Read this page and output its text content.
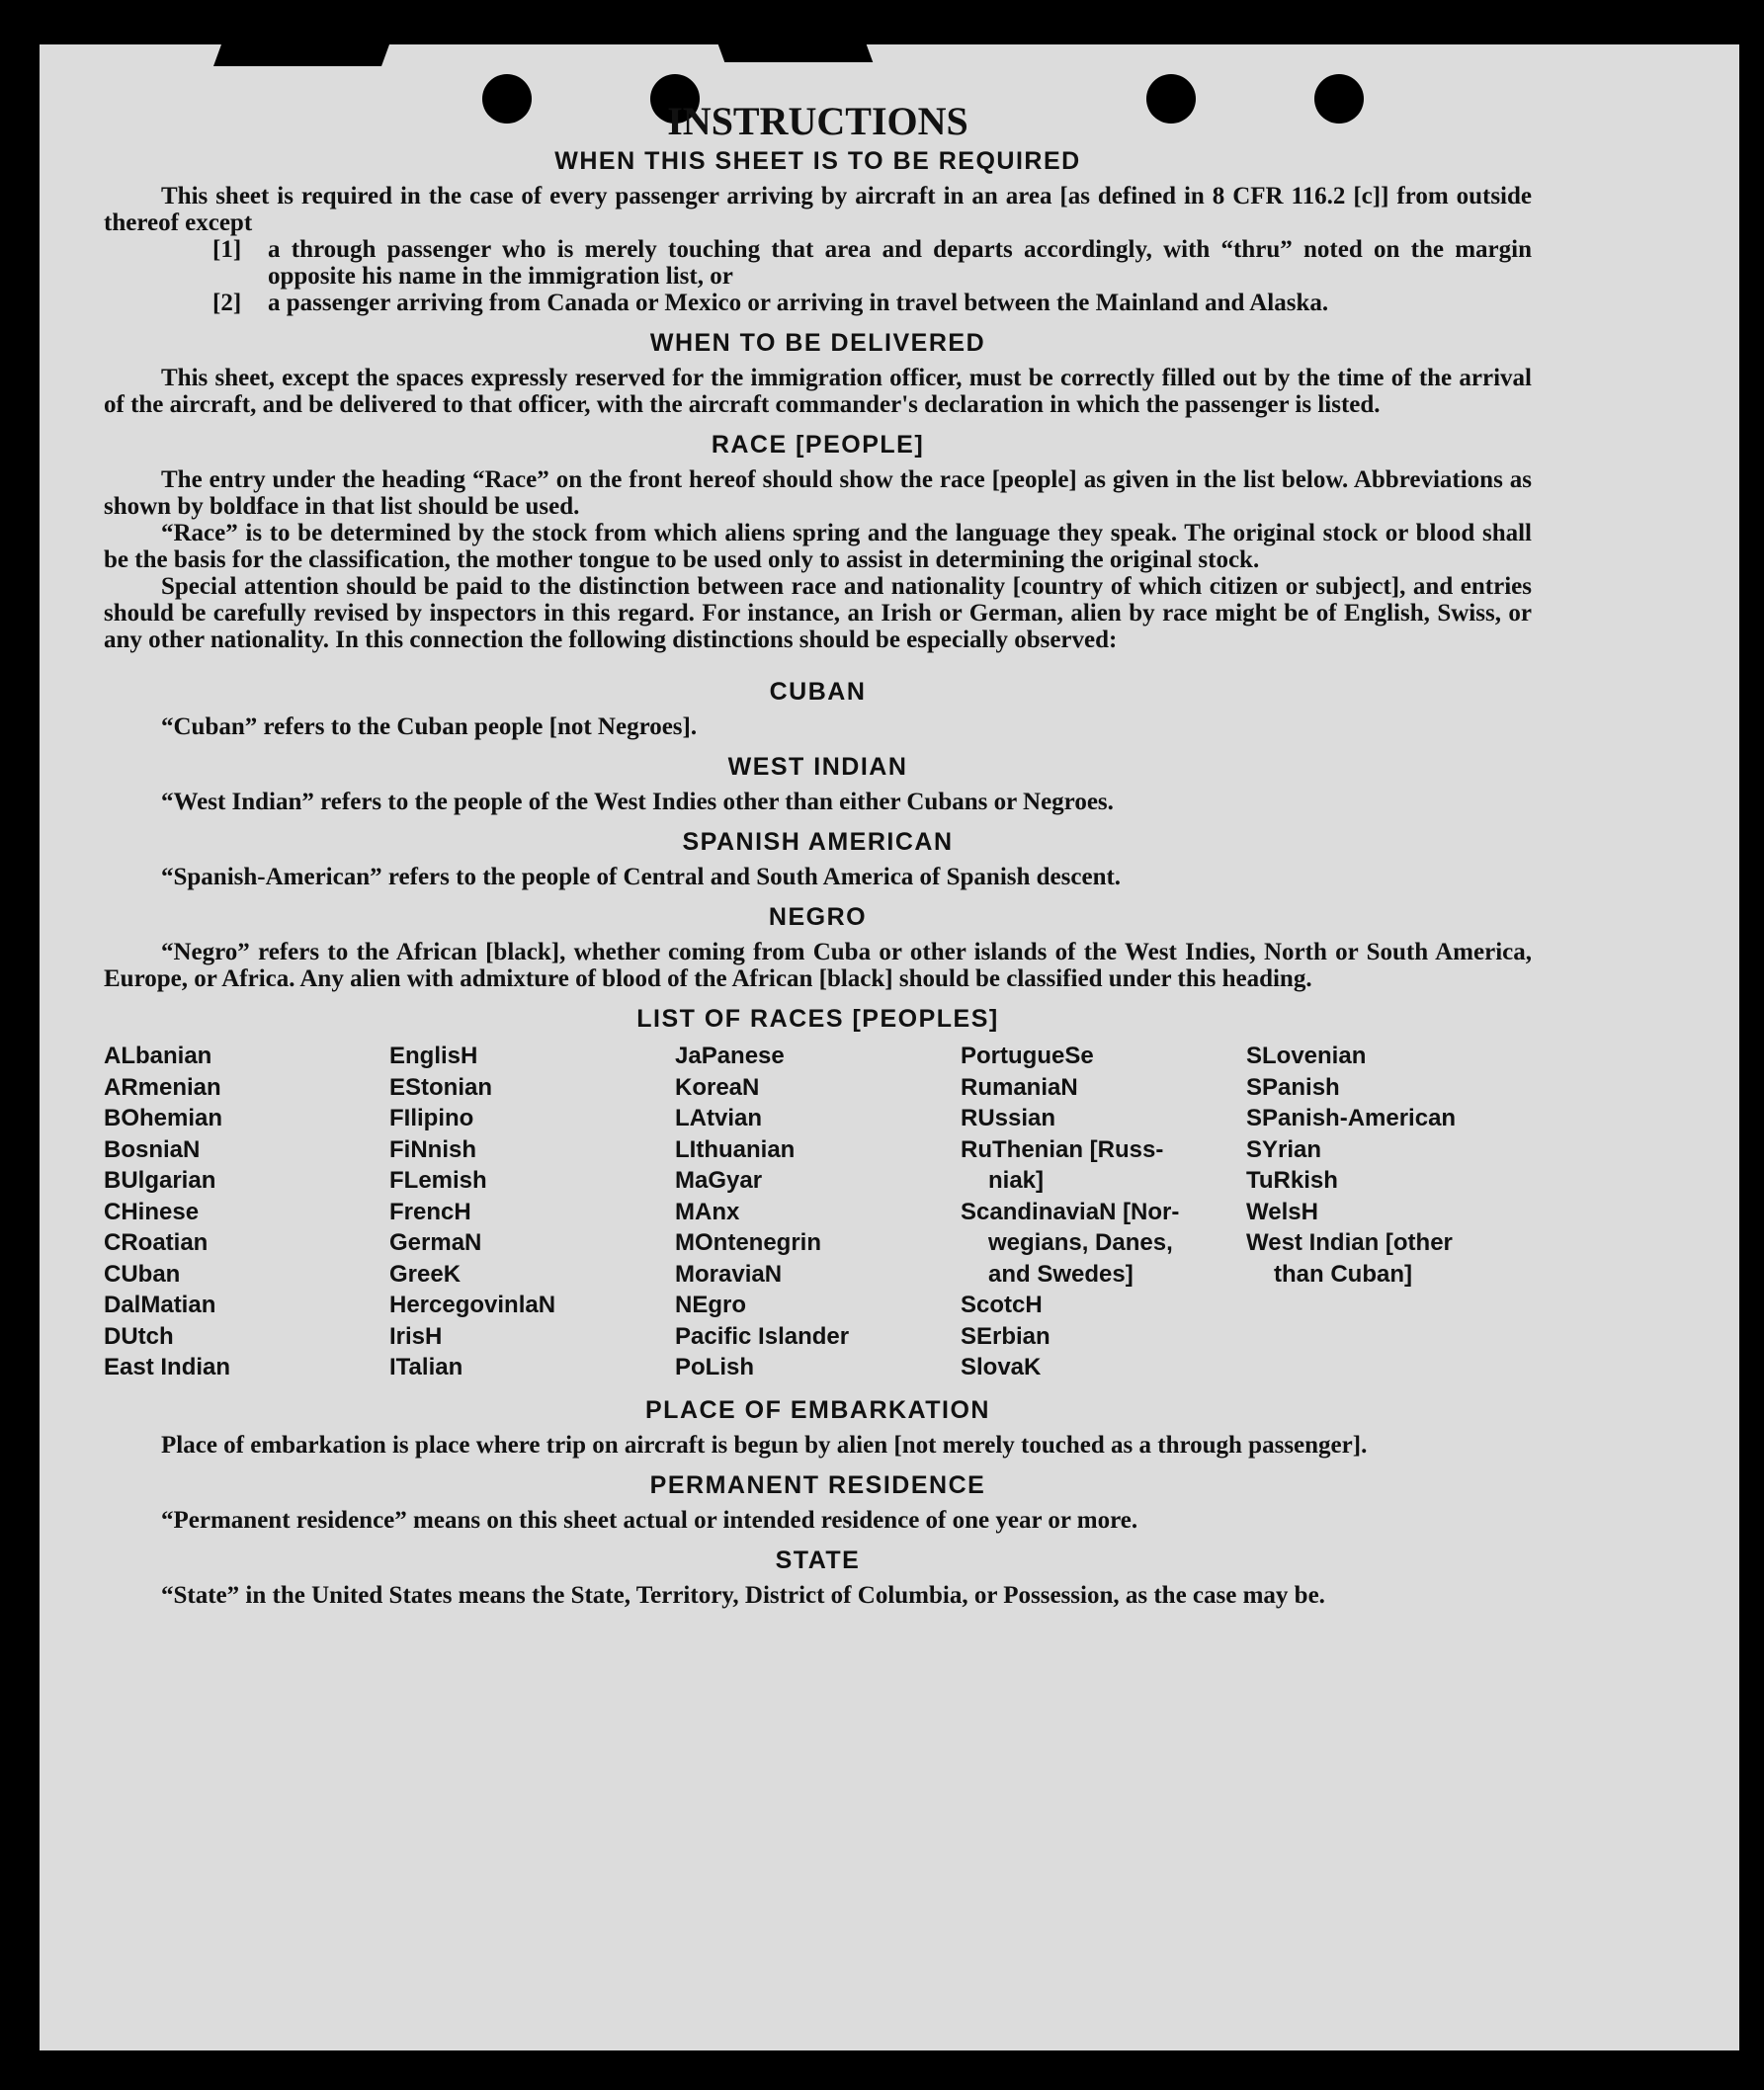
INSTRUCTIONS
WHEN THIS SHEET IS TO BE REQUIRED

This sheet is required in the case of every passenger arriving by aircraft in an area [as defined in 8 CFR 116.2 [c]] from outside thereof except

[1]	a through passenger who is merely touching that area and departs accordingly, with “thru” noted on the margin opposite his name in the immigration list, or
[2]	a passenger arriving from Canada or Mexico or arriving in travel between the Mainland and Alaska.
WHEN TO BE DELIVERED

This sheet, except the spaces expressly reserved for the immigration officer, must be correctly filled out by the time of the arrival of the aircraft, and be delivered to that officer, with the aircraft commander's declaration in which the passenger is listed.

RACE [PEOPLE]

The entry under the heading “Race” on the front hereof should show the race [people] as given in the list below. Abbreviations as shown by boldface in that list should be used.

“Race” is to be determined by the stock from which aliens spring and the language they speak. The original stock or blood shall be the basis for the classification, the mother tongue to be used only to assist in determining the original stock.

Special attention should be paid to the distinction between race and nationality [country of which citizen or subject], and entries should be carefully revised by inspectors in this regard. For instance, an Irish or German, alien by race might be of English, Swiss, or any other nationality. In this connection the following distinctions should be especially observed:

CUBAN

“Cuban” refers to the Cuban people [not Negroes].

WEST INDIAN

“West Indian” refers to the people of the West Indies other than either Cubans or Negroes.

SPANISH AMERICAN

“Spanish-American” refers to the people of Central and South America of Spanish descent.

NEGRO

“Negro” refers to the African [black], whether coming from Cuba or other islands of the West Indies, North or South America, Europe, or Africa. Any alien with admixture of blood of the African [black] should be classified under this heading.

LIST OF RACES [PEOPLES]
ALbanian
ARmenian
BOhemian
BosniaN
BUlgarian
CHinese
CRoatian
CUban
DalMatian
DUtch
East Indian
EnglisH
EStonian
FIlipino
FiNnish
FLemish
FrencH
GermaN
GreeK
HercegovinlaN
IrisH
ITalian
JaPanese
KoreaN
LAtvian
LIthuanian
MaGyar
MAnx
MOntenegrin
MoraviaN
NEgro
Pacific Islander
PoLish
PortugueSe
RumaniaN
RUssian
RuThenian [Russ-
niak]
ScandinaviaN [Nor-
wegians, Danes,
and Swedes]
ScotcH
SErbian
SlovaK
SLovenian
SPanish
SPanish-American
SYrian
TuRkish
WelsH
West Indian [other
than Cuban]
PLACE OF EMBARKATION

Place of embarkation is place where trip on aircraft is begun by alien [not merely touched as a through passenger].

PERMANENT RESIDENCE

“Permanent residence” means on this sheet actual or intended residence of one year or more.

STATE

“State” in the United States means the State, Territory, District of Columbia, or Possession, as the case may be.
